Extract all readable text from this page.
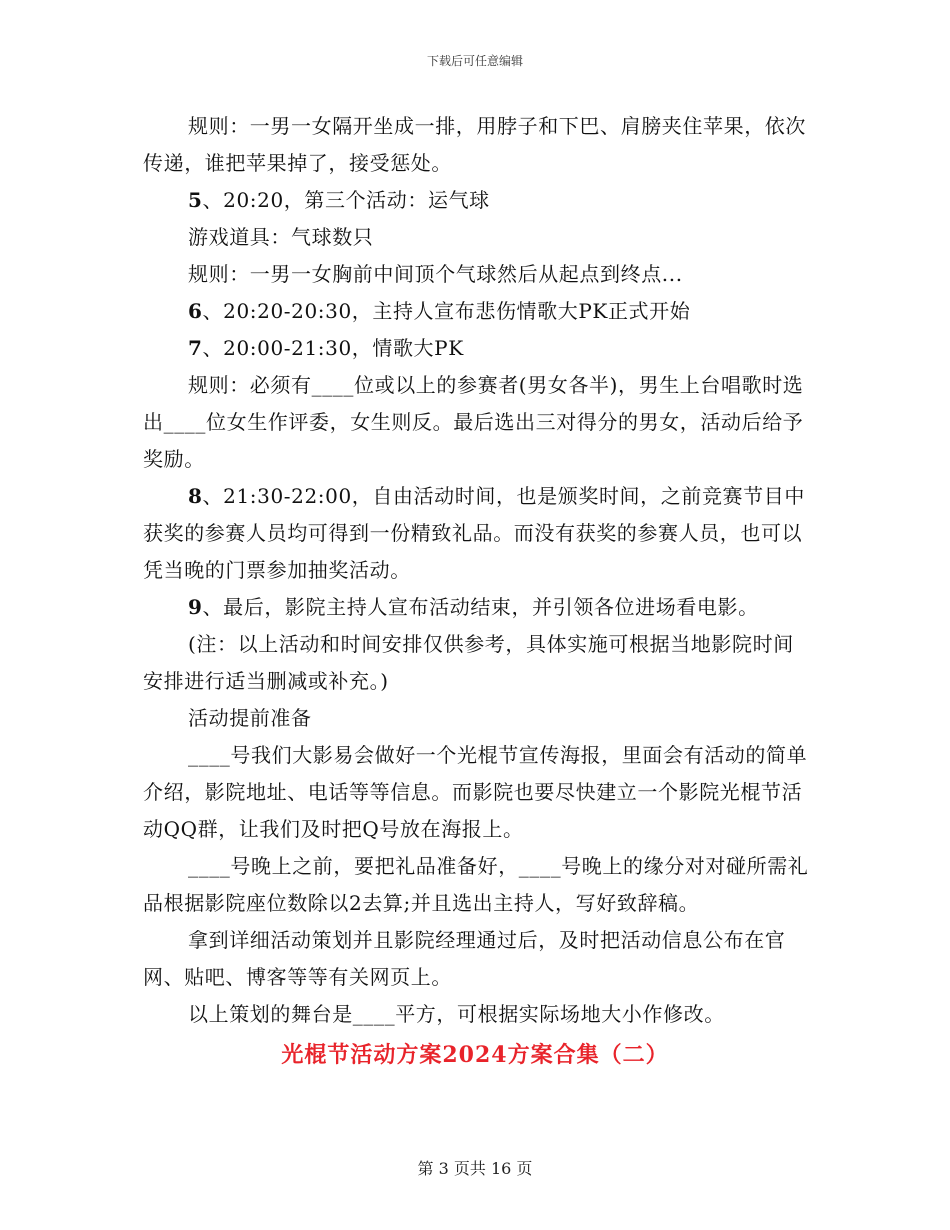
下载后可任意编辑

规则：一男一女隔开坐成一排，用脖子和下巴、肩膀夹住苹果，依次传递，谁把苹果掉了，接受惩处。

5、20:20，第三个活动：运气球

游戏道具：气球数只

规则：一男一女胸前中间顶个气球然后从起点到终点...

6、20:20-20:30，主持人宣布悲伤情歌大PK正式开始

7、20:00-21:30，情歌大PK

规则：必须有____位或以上的参赛者(男女各半)，男生上台唱歌时选出____位女生作评委，女生则反。最后选出三对得分的男女，活动后给予奖励。

8、21:30-22:00，自由活动时间，也是颁奖时间，之前竞赛节目中获奖的参赛人员均可得到一份精致礼品。而没有获奖的参赛人员，也可以凭当晚的门票参加抽奖活动。

9、最后，影院主持人宣布活动结束，并引领各位进场看电影。

(注：以上活动和时间安排仅供参考，具体实施可根据当地影院时间安排进行适当删减或补充。)

活动提前准备

____号我们大影易会做好一个光棍节宣传海报，里面会有活动的简单介绍，影院地址、电话等等信息。而影院也要尽快建立一个影院光棍节活动QQ群，让我们及时把Q号放在海报上。

____号晚上之前，要把礼品准备好，____号晚上的缘分对对碰所需礼品根据影院座位数除以2去算;并且选出主持人，写好致辞稿。

拿到详细活动策划并且影院经理通过后，及时把活动信息公布在官网、贴吧、博客等等有关网页上。

以上策划的舞台是____平方，可根据实际场地大小作修改。

光棍节活动方案2024方案合集（二）
第 3 页共 16 页
